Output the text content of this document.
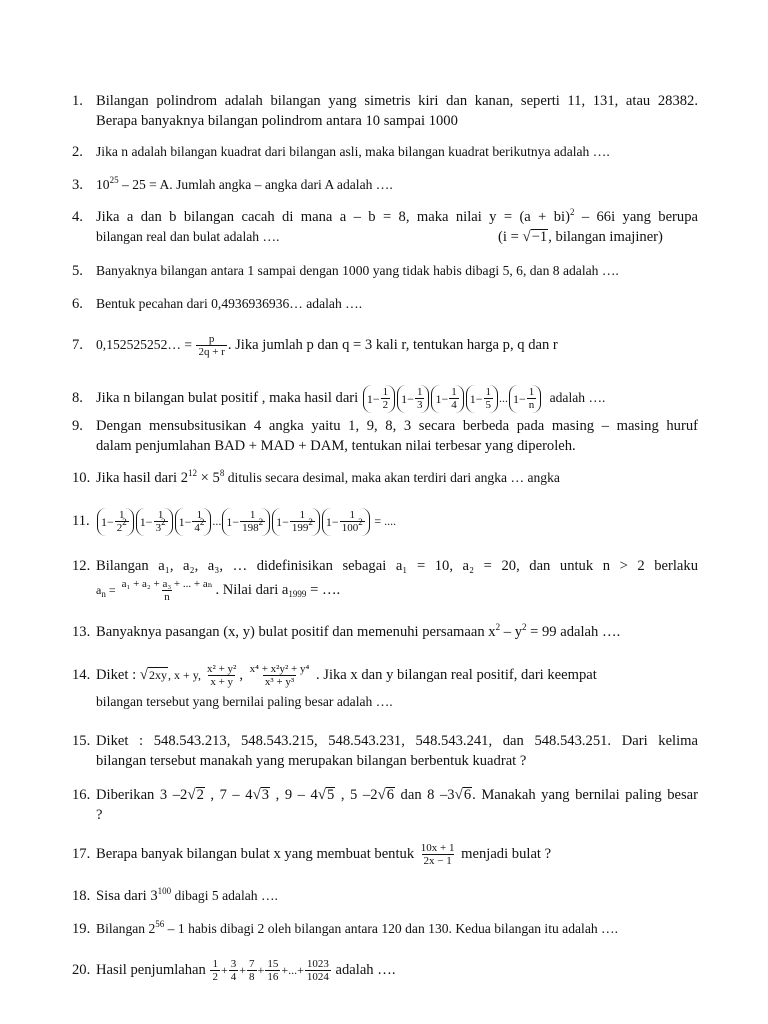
1. Bilangan polindrom adalah bilangan yang simetris kiri dan kanan, seperti 11, 131, atau 28382.
Berapa banyaknya bilangan polindrom antara 10 sampai 1000
2. Jika n adalah bilangan kuadrat dari bilangan asli, maka bilangan kuadrat berikutnya adalah ….
3. $10^{25} - 25 = A$. Jumlah angka – angka dari A adalah ….
4. Jika a dan b bilangan cacah di mana a – b = 8, maka nilai y = (a + bi)$^2$ – 66i yang berupa
bilangan real dan bulat adalah ….	(i = √−1, bilangan imajiner)
5. Banyaknya bilangan antara 1 sampai dengan 1000 yang tidak habis dibagi 5, 6, dan 8 adalah ….
6. Bentuk pecahan dari 0,4936936936… adalah ….
7. 0,152525252… = $\frac{p}{2q + r}$ . Jika jumlah p dan q = 3 kali r, tentukan harga p, q dan r
8. Jika n bilangan bulat positif , maka hasil dari $1 - \frac{1}{2} 1 - \frac{1}{3} 1 - \frac{1}{4} 1 - \frac{1}{5}$ ... $1 - \frac{1}{n}$ adalah ….
9. Dengan mensubsitusikan 4 angka yaitu 1, 9, 8, 3 secara berbeda pada masing – masing huruf
dalam penjumlahan BAD + MAD + DAM, tentukan nilai terbesar yang diperoleh.
10. Jika hasil dari $2^{12} \times 5^8$ ditulis secara desimal, maka akan terdiri dari angka … angka
11. $1 - \frac{1}{2^2} 1 - \frac{1}{3^2} 1 - \frac{1}{4^2}$ ... $1 - \frac{1}{198^2} 1 - \frac{1}{199^2} 1 - \frac{1}{100^2}$ = ....
12. Bilangan a₁, a₂, a₃, … didefinisikan sebagai a₁ = 10, a₂ = 20, dan untuk n > 2 berlaku
$a_n = \frac{\text{a₁ + a₂ + a₃ + ... + aₙ}}{n}$ . Nilai dari $a_{1999}$ = ….
13. Banyaknya pasangan (x, y) bulat positif dan memenuhi persamaan $x^2 - y^2 = 99$ adalah ….
14. Diket : √2xy, x + y, $\frac{\text{x² + y²}}{x + y}$ , $\frac{\text{x⁴ + x²y² + y⁴}}{\text{x³ + y³}}$ . Jika x dan y bilangan real positif, dari keempat
bilangan tersebut yang bernilai paling besar adalah ….
15. Diket : 548.543.213, 548.543.215, 548.543.231, 548.543.241, dan 548.543.251. Dari kelima
bilangan tersebut manakah yang merupakan bilangan berbentuk kuadrat ?
16. Diberikan 3 –2√2 , 7 – 4√3 , 9 – 4√5 , 5 –2√6 dan 8 –3√6. Manakah yang bernilai paling besar
?
17. Berapa banyak bilangan bulat x yang membuat bentuk $\frac{10x + 1}{2x - 1}$ menjadi bulat ?
18. Sisa dari $3^{100}$ dibagi 5 adalah ….
19. Bilangan $2^{56} - 1$ habis dibagi 2 oleh bilangan antara 120 dan 130. Kedua bilangan itu adalah ….
20. Hasil penjumlahan $\frac{1}{2} + \frac{3}{4} + \frac{7}{8} + \frac{15}{16}$ +...+ $\frac{1023}{1024}$ adalah ….
